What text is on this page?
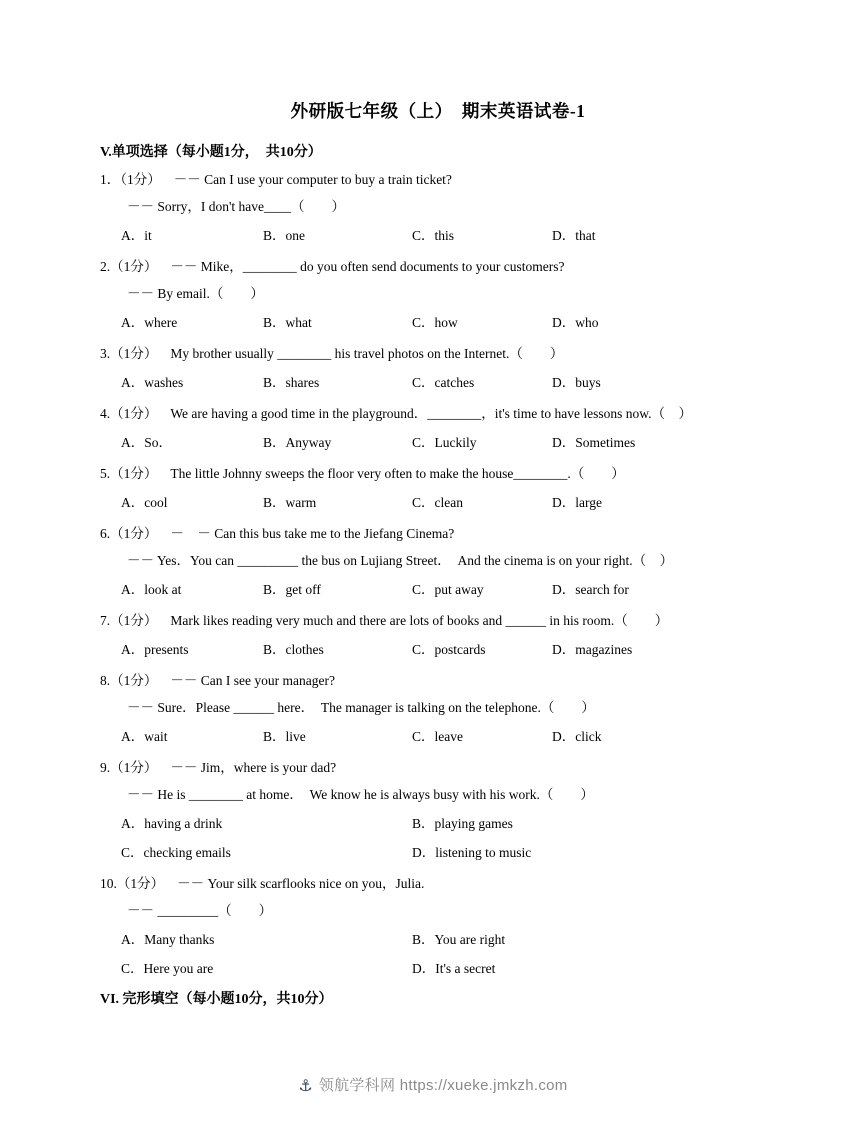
外研版七年级（上）　期末英语试卷-1
V.单项选择（每小题1分，　共10分）
1．（1分） －－ Can I use your computer to buy a train ticket?
－－ Sorry，I don't have____（　　）
A．it	B．one	C．this	D．that
2.（1分） －－ Mike，________ do you often send documents to your customers?
－－ By email.（　　）
A．where	B．what	C．how	D．who
3.（1分） My brother usually ________ his travel photos on the Internet.（　　）
A．washes	B．shares	C．catches	D．buys
4.（1分） We are having a good time in the playground．________，it's time to have lessons now.（　）
A．So．	B．Anyway	C．Luckily	D．Sometimes
5.（1分） The little Johnny sweeps the floor very often to make the house________.（　　）
A．cool	B．warm	C．clean	D．large
6.（1分） －　－ Can this bus take me to the Jiefang Cinema?
－－ Yes．You can _________ the bus on Lujiang Street．　And the cinema is on your right.（　）
A．look at	B．get off	C．put away	D．search for
7.（1分） Mark likes reading very much and there are lots of books and ______ in his room.（　　）
A．presents	B．clothes	C．postcards	D．magazines
8.（1分） －－ Can I see your manager?
－－ Sure．Please ______ here．　The manager is talking on the telephone.（　　）
A．wait	B．live	C．leave	D．click
9.（1分） －－ Jim，where is your dad?
－－ He is ________ at home．　We know he is always busy with his work.（　　）
A．having a drink	B．playing games
C．checking emails	D．listening to music
10.（1分） －－ Your silk scarflooks nice on you，Julia.
－－ _________（　　）
A．Many thanks	B．You are right
C．Here you are	D．It's a secret
VI. 完形填空（每小题10分，共10分）
⚓ 领航学科网 https://xueke.jmkzh.com
